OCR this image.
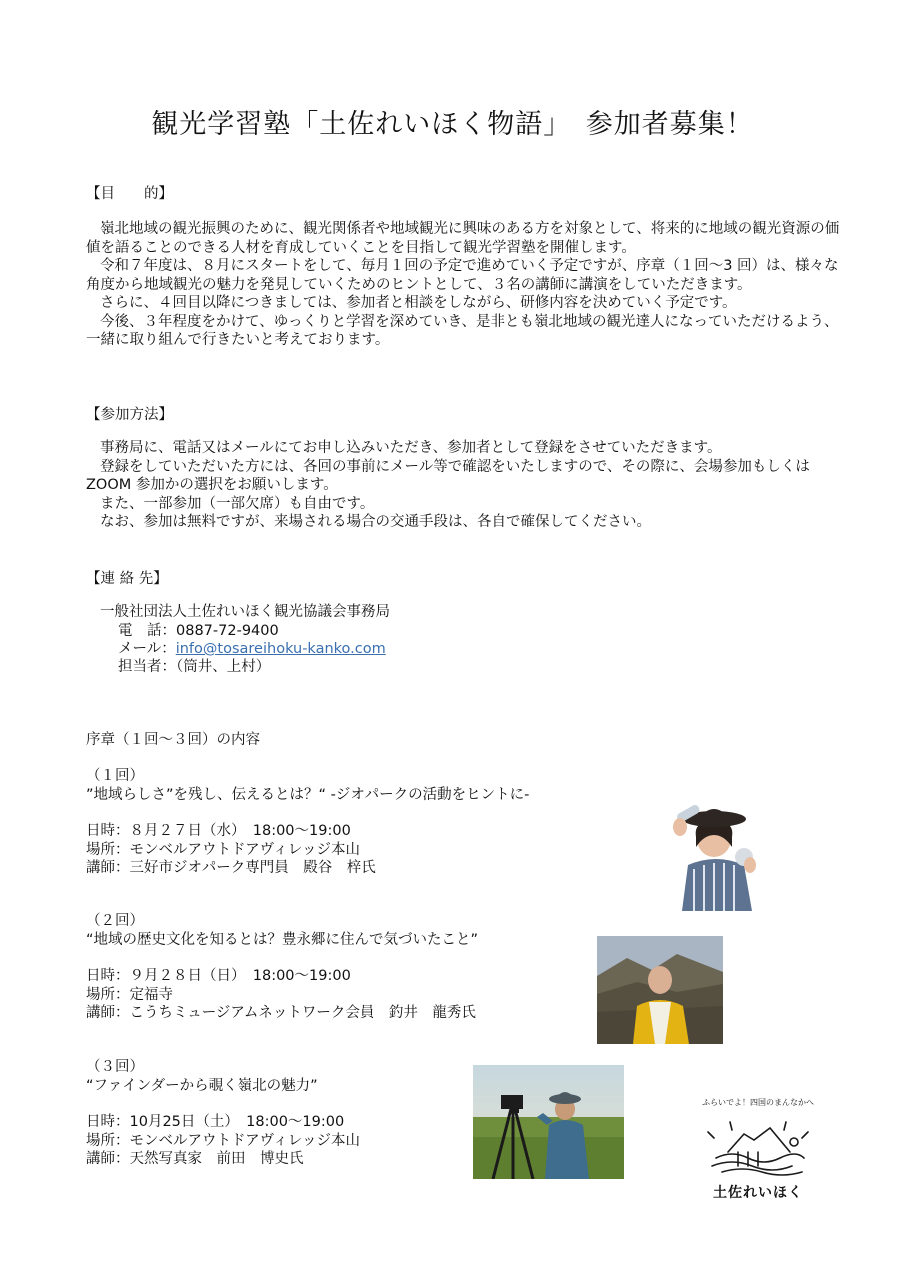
観光学習塾「土佐れいほく物語」　参加者募集！
【目　　的】

嶺北地域の観光振興のために、観光関係者や地域観光に興味のある方を対象として、将来的に地域の観光資源の価値を語ることのできる人材を育成していくことを目指して観光学習塾を開催します。

令和７年度は、８月にスタートをして、毎月１回の予定で進めていく予定ですが、序章（１回～3 回）は、様々な角度から地域観光の魅力を発見していくためのヒントとして、３名の講師に講演をしていただきます。

さらに、４回目以降につきましては、参加者と相談をしながら、研修内容を決めていく予定です。

今後、３年程度をかけて、ゆっくりと学習を深めていき、是非とも嶺北地域の観光達人になっていただけるよう、一緒に取り組んで行きたいと考えております。

【参加方法】

事務局に、電話又はメールにてお申し込みいただき、参加者として登録をさせていただきます。

登録をしていただいた方には、各回の事前にメール等で確認をいたしますので、その際に、会場参加もしくは ZOOM 参加かの選択をお願いします。

また、一部参加（一部欠席）も自由です。

なお、参加は無料ですが、来場される場合の交通手段は、各自で確保してください。

【連 絡 先】
一般社団法人土佐れいほく観光協議会事務局
電　話：0887-72-9400
メール：info@tosareihoku-kanko.com
担当者：（筒井、上村）
序章（１回～３回）の内容
（１回）
”地域らしさ”を残し、伝えるとは？“ -ジオパークの活動をヒントに-
日時：８月２７日（水）　18:00～19:00
場所：モンベルアウトドアヴィレッジ本山
講師：三好市ジオパーク専門員　殿谷　梓氏
（２回）
“地域の歴史文化を知るとは？豊永郷に住んで気づいたこと”
日時：９月２８日（日）　18:00～19:00
場所：定福寺
講師：こうちミュージアムネットワーク会員　釣井　龍秀氏
（３回）
“ファインダーから覗く嶺北の魅力”
日時：10月25日（土）　18:00～19:00
場所：モンベルアウトドアヴィレッジ本山
講師：天然写真家　前田　博史氏
ふらいでよ！四国のまんなかへ
土佐れいほく
